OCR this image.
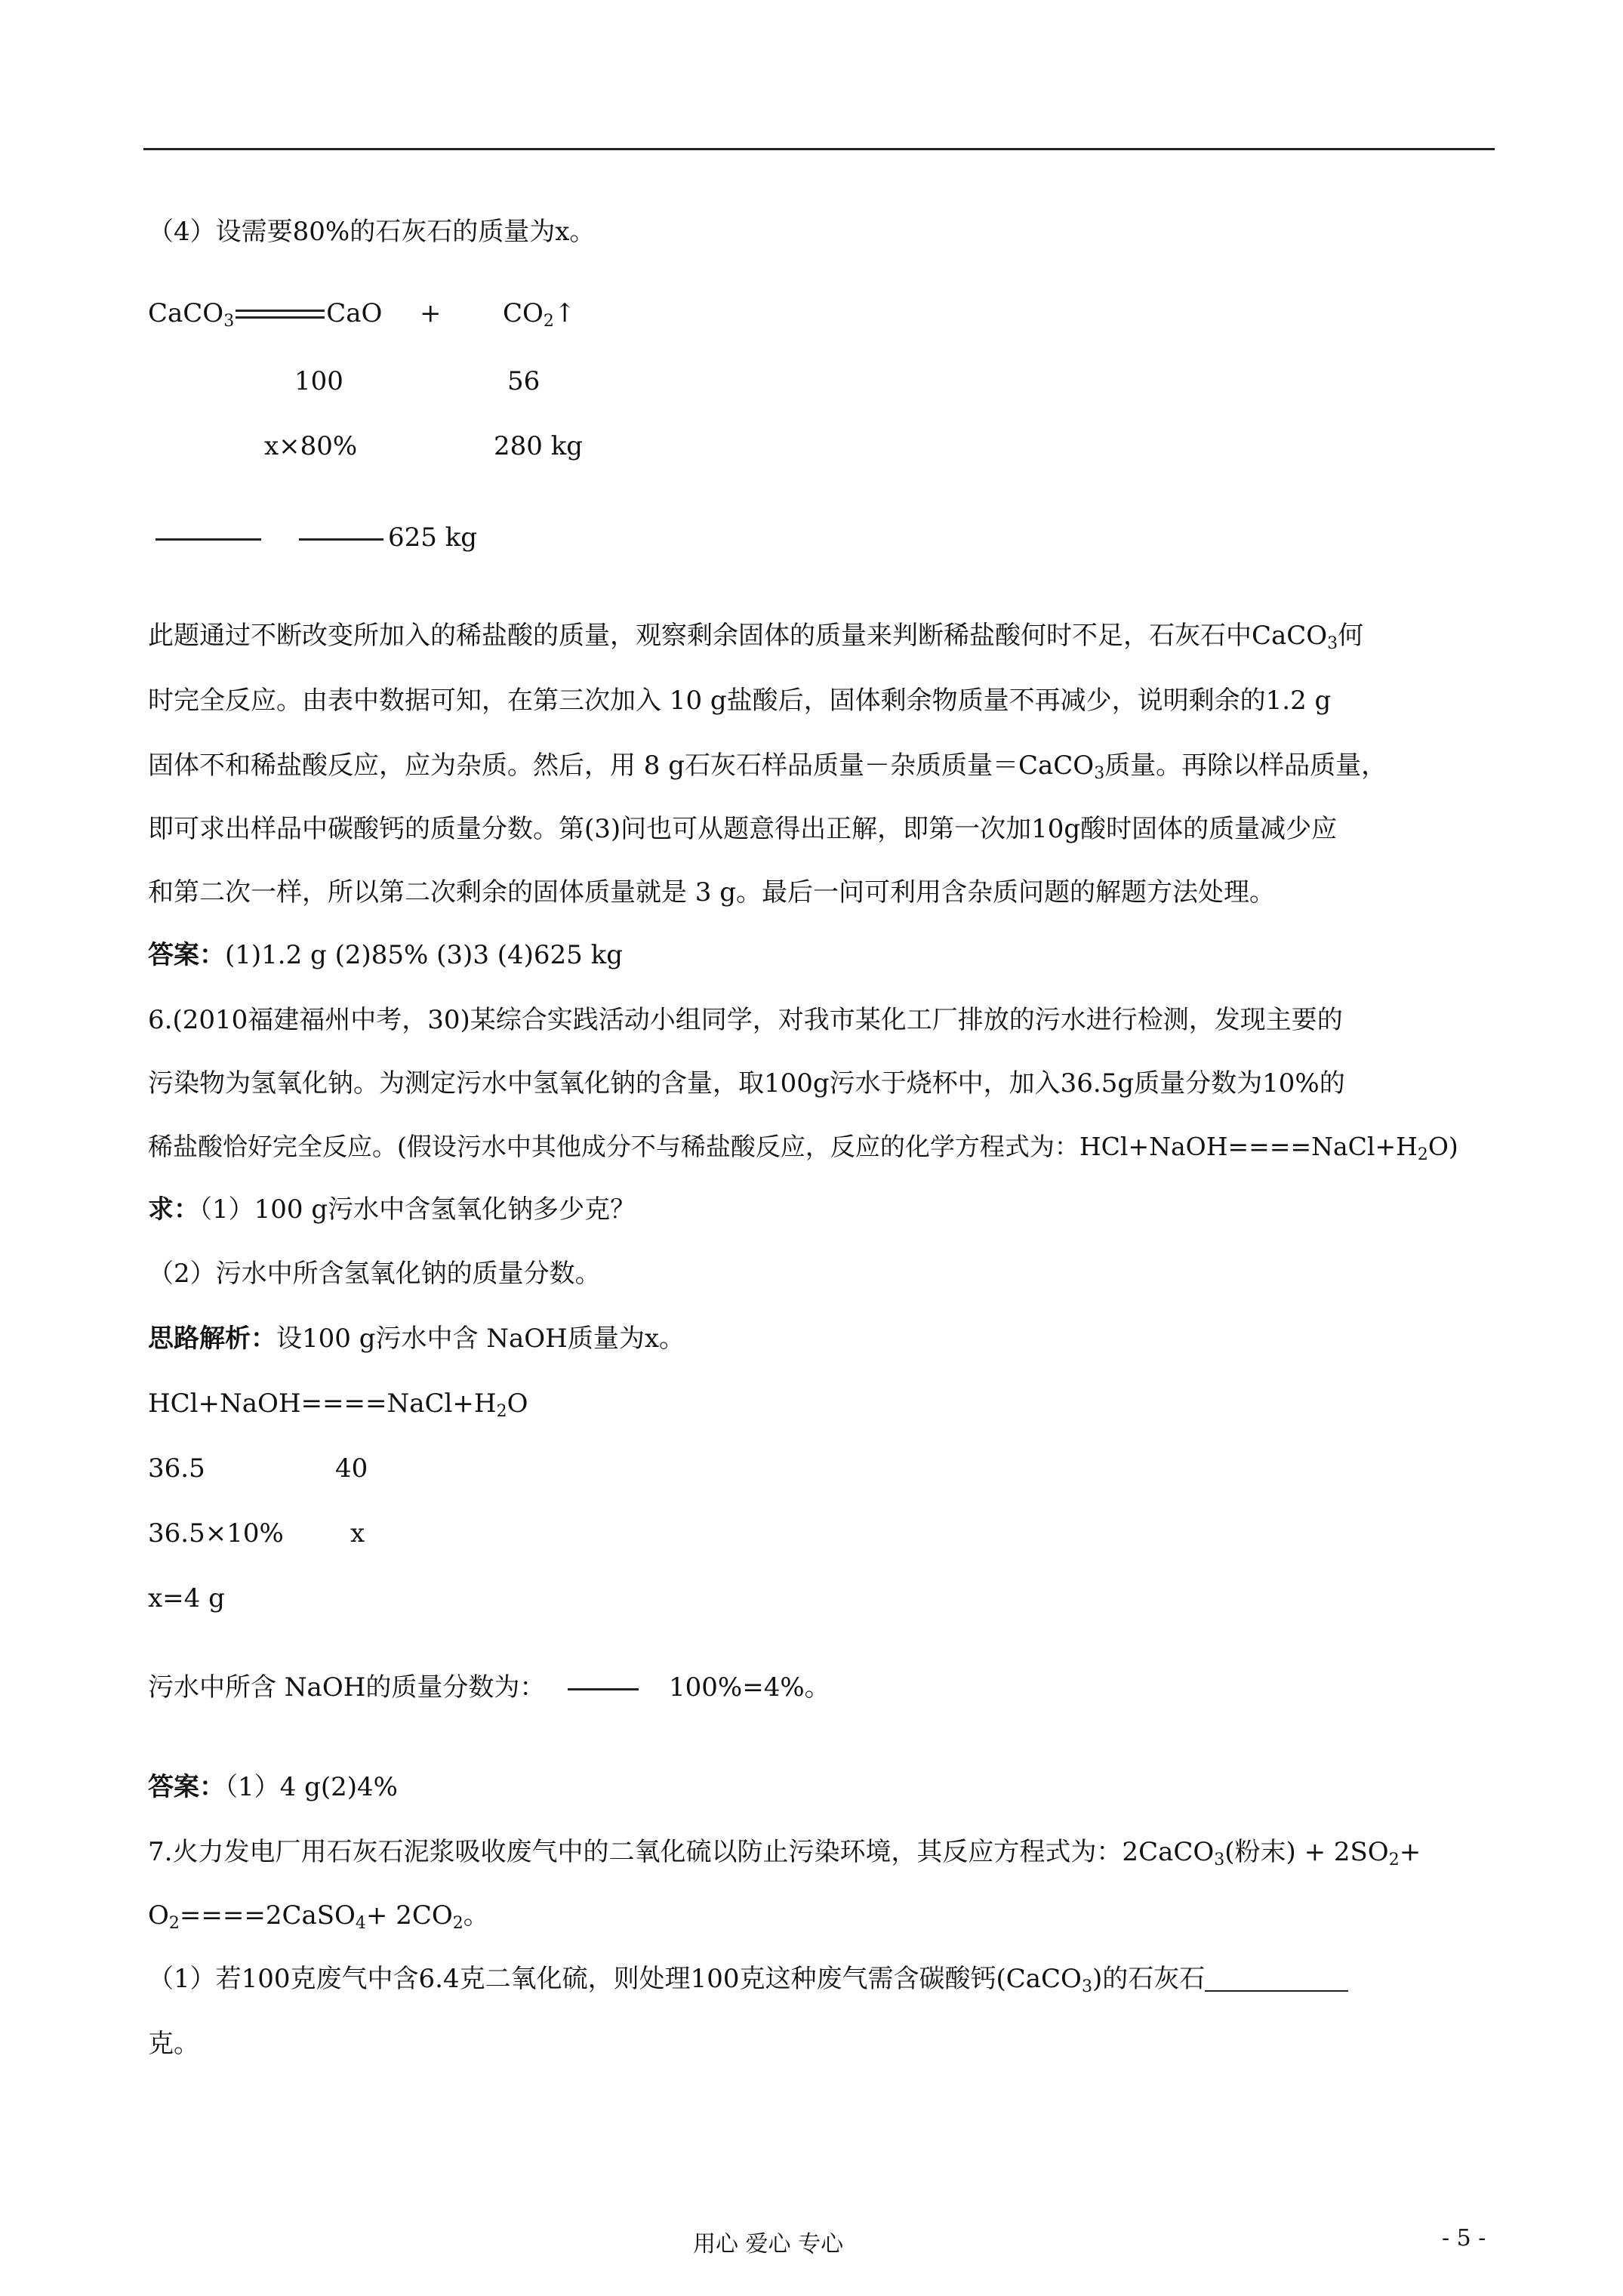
（4）设需要80%的石灰石的质量为x。
CaCO$_3$	CaO + $CO_2↑$
100	56
x×80%	280 kg
625 kg
此题通过不断改变所加入的稀盐酸的质量，观察剩余固体的质量来判断稀盐酸何时不足，石灰石中CaCO$_3$何
时完全反应。由表中数据可知，在第三次加入 10 g盐酸后，固体剩余物质量不再减少，说明剩余的1.2 g
固体不和稀盐酸反应，应为杂质。然后，用 8 g石灰石样品质量－杂质质量＝CaCO$_3$质量。再除以样品质量，
即可求出样品中碳酸钙的质量分数。第(3)问也可从题意得出正解，即第一次加10g酸时固体的质量减少应
和第二次一样，所以第二次剩余的固体质量就是 3 g。最后一问可利用含杂质问题的解题方法处理。
答案：(1)1.2 g (2)85% (3)3 (4)625 kg
6.(2010福建福州中考，30)某综合实践活动小组同学，对我市某化工厂排放的污水进行检测，发现主要的
污染物为氢氧化钠。为测定污水中氢氧化钠的含量，取100g污水于烧杯中，加入36.5g质量分数为10%的
稀盐酸恰好完全反应。(假设污水中其他成分不与稀盐酸反应，反应的化学方程式为：$HCl+NaOH====NaCl+H_2O$)
求：（1）100 g污水中含氢氧化钠多少克？
（2）污水中所含氢氧化钠的质量分数。
思路解析：设100 g污水中含 NaOH质量为x。
$HCl+NaOH====NaCl+H_2O$
36.5	40
36.5×10%	x
x=4 g
污水中所含 NaOH的质量分数为：	100%=4%。
答案：（1）4 g(2)4%
7.火力发电厂用石灰石泥浆吸收废气中的二氧化硫以防止污染环境，其反应方程式为：2CaCO$_3$(粉末) + $2SO_2+$
$O_2====2CaSO_4+ 2CO_2$。
（1）若100克废气中含6.4克二氧化硫，则处理100克这种废气需含碳酸钙(CaCO$_3$)的石灰石
克。
用心 爱心 专心	- 5 -
